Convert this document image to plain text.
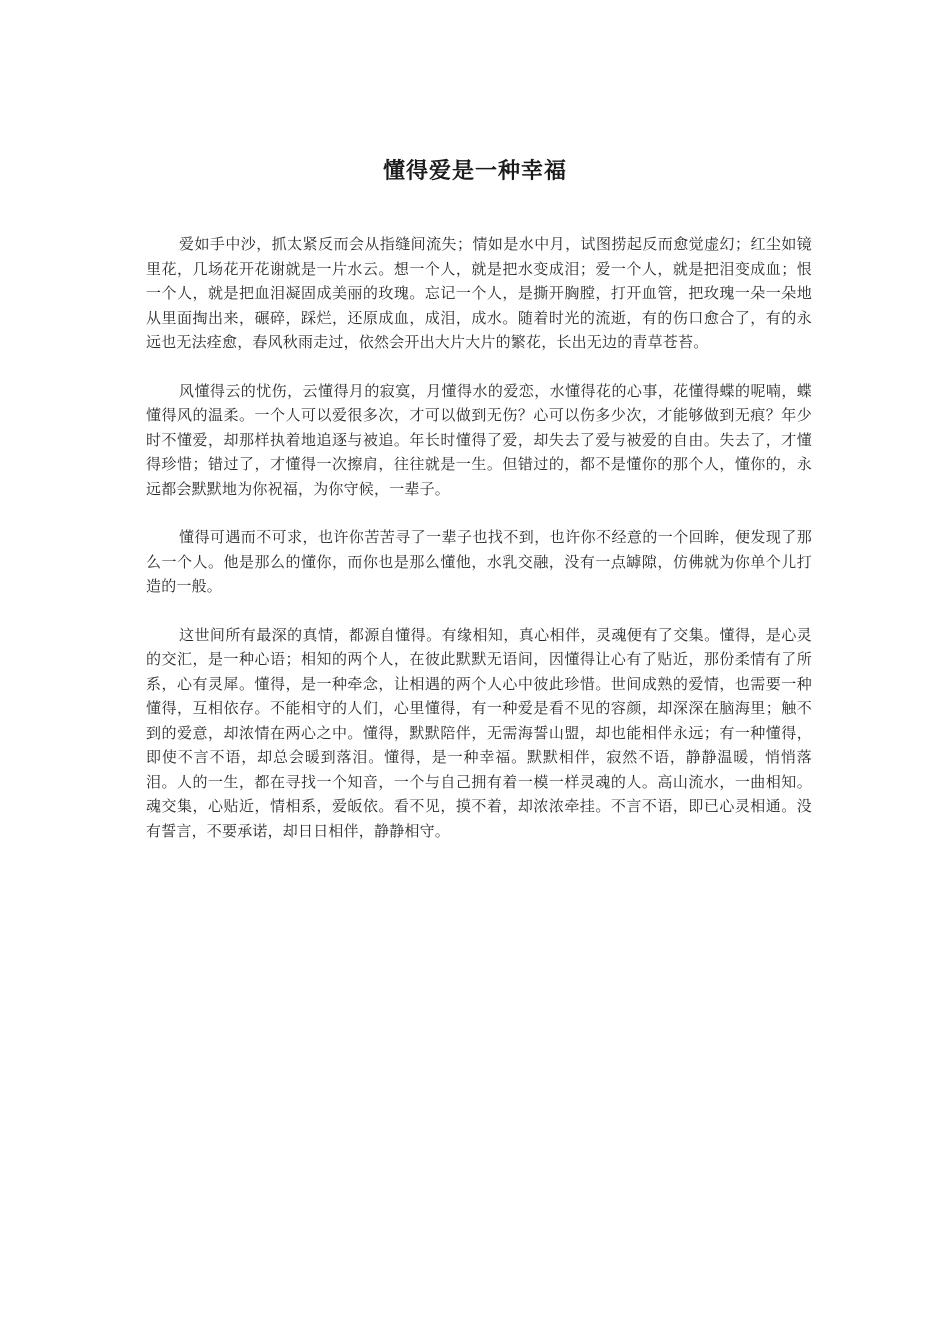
懂得爱是一种幸福

爱如手中沙，抓太紧反而会从指缝间流失；情如是水中月，试图捞起反而愈觉虚幻；红尘如镜里花，几场花开花谢就是一片水云。想一个人，就是把水变成泪；爱一个人，就是把泪变成血；恨一个人，就是把血泪凝固成美丽的玫瑰。忘记一个人，是撕开胸膛，打开血管，把玫瑰一朵一朵地从里面掏出来，碾碎，踩烂，还原成血，成泪，成水。随着时光的流逝，有的伤口愈合了，有的永远也无法痊愈，春风秋雨走过，依然会开出大片大片的繁花，长出无边的青草苍苔。

风懂得云的忧伤，云懂得月的寂寞，月懂得水的爱恋，水懂得花的心事，花懂得蝶的呢喃，蝶懂得风的温柔。一个人可以爱很多次，才可以做到无伤？心可以伤多少次，才能够做到无痕？年少时不懂爱，却那样执着地追逐与被追。年长时懂得了爱，却失去了爱与被爱的自由。失去了，才懂得珍惜；错过了，才懂得一次擦肩，往往就是一生。但错过的，都不是懂你的那个人，懂你的，永远都会默默地为你祝福，为你守候，一辈子。

懂得可遇而不可求，也许你苦苦寻了一辈子也找不到，也许你不经意的一个回眸，便发现了那么一个人。他是那么的懂你，而你也是那么懂他，水乳交融，没有一点罅隙，仿佛就为你单个儿打造的一般。

这世间所有最深的真情，都源自懂得。有缘相知，真心相伴，灵魂便有了交集。懂得，是心灵的交汇，是一种心语；相知的两个人，在彼此默默无语间，因懂得让心有了贴近，那份柔情有了所系，心有灵犀。懂得，是一种牵念，让相遇的两个人心中彼此珍惜。世间成熟的爱情，也需要一种懂得，互相依存。不能相守的人们，心里懂得，有一种爱是看不见的容颜，却深深在脑海里；触不到的爱意，却浓情在两心之中。懂得，默默陪伴，无需海誓山盟，却也能相伴永远；有一种懂得，即使不言不语，却总会暖到落泪。懂得，是一种幸福。默默相伴，寂然不语，静静温暖，悄悄落泪。人的一生，都在寻找一个知音，一个与自己拥有着一模一样灵魂的人。高山流水，一曲相知。魂交集，心贴近，情相系，爱皈依。看不见，摸不着，却浓浓牵挂。不言不语，即已心灵相通。没有誓言，不要承诺，却日日相伴，静静相守。
